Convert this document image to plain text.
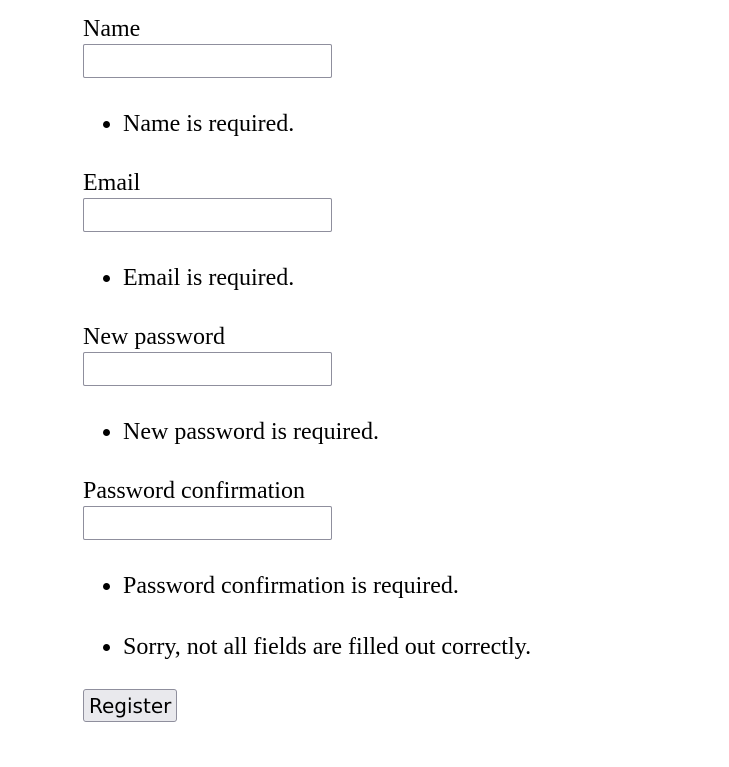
Name
• Name is required.
Email
• Email is required.
New password
• New password is required.
Password confirmation
• Password confirmation is required.
• Sorry, not all fields are filled out correctly.
Register
